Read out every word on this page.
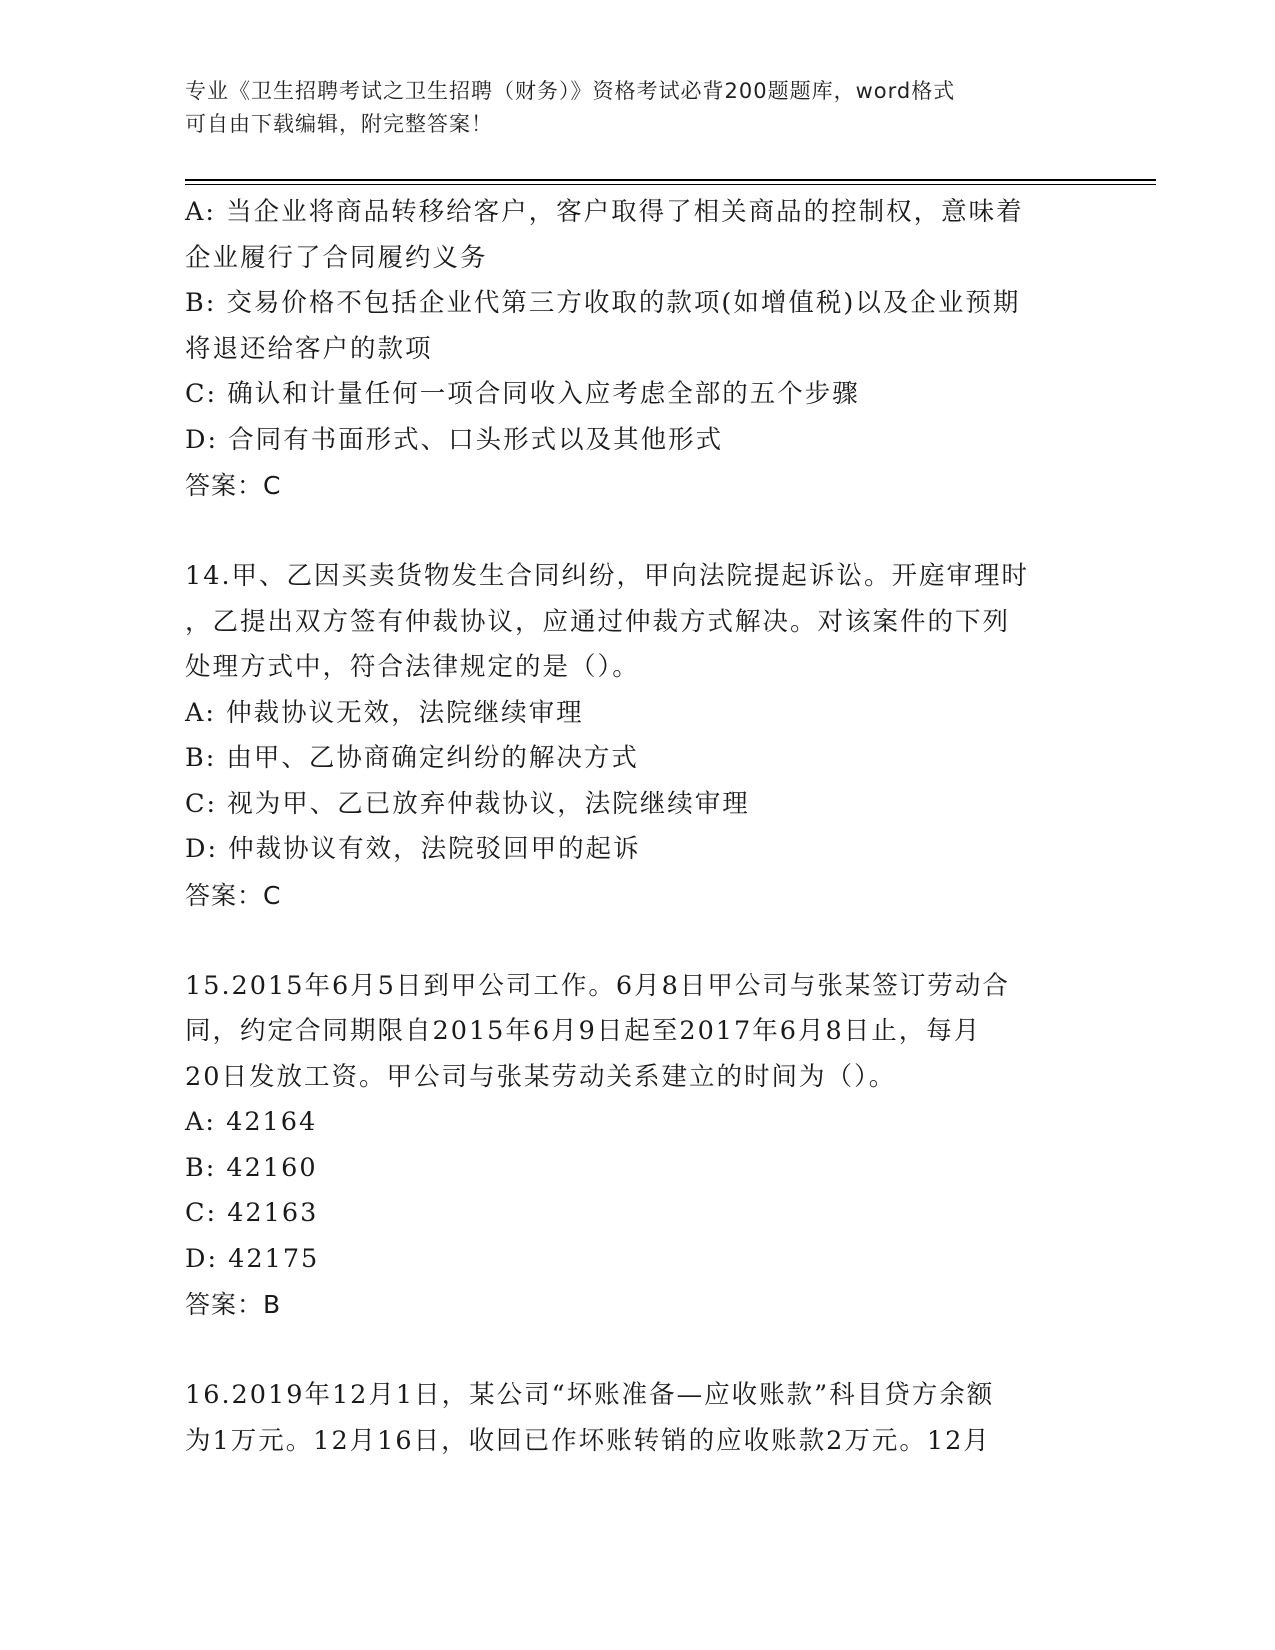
专业《卫生招聘考试之卫生招聘（财务）》资格考试必背200题题库，word格式
可自由下载编辑，附完整答案！
A: 当企业将商品转移给客户，客户取得了相关商品的控制权，意味着
企业履行了合同履约义务
B: 交易价格不包括企业代第三方收取的款项(如增值税)以及企业预期
将退还给客户的款项
C: 确认和计量任何一项合同收入应考虑全部的五个步骤
D: 合同有书面形式、口头形式以及其他形式
答案：C
14.甲、乙因买卖货物发生合同纠纷，甲向法院提起诉讼。开庭审理时
，乙提出双方签有仲裁协议，应通过仲裁方式解决。对该案件的下列
处理方式中，符合法律规定的是（）。
A: 仲裁协议无效，法院继续审理
B: 由甲、乙协商确定纠纷的解决方式
C: 视为甲、乙已放弃仲裁协议，法院继续审理
D: 仲裁协议有效，法院驳回甲的起诉
答案：C
15.2015年6月5日到甲公司工作。6月8日甲公司与张某签订劳动合
同，约定合同期限自2015年6月9日起至2017年6月8日止，每月
20日发放工资。甲公司与张某劳动关系建立的时间为（）。
A: 42164
B: 42160
C: 42163
D: 42175
答案：B
16.2019年12月1日，某公司“坏账准备—应收账款”科目贷方余额
为1万元。12月16日，收回已作坏账转销的应收账款2万元。12月
